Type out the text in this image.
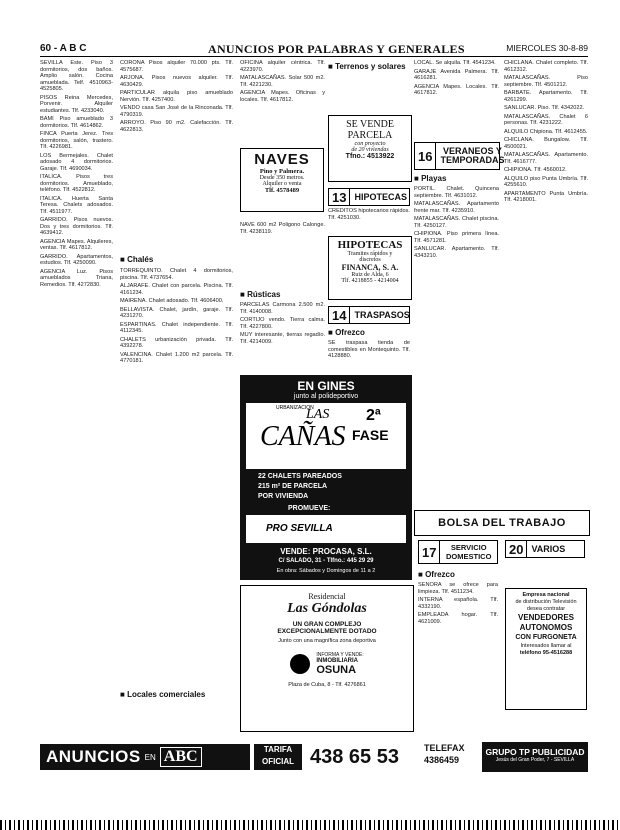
60 - A B C	ANUNCIOS POR PALABRAS Y GENERALES	MIERCOLES 30-8-89

SEVILLA Este. Piso 3 dormitorios, dos baños. Amplio salón. Cocina amueblada. Telf. 4510963-4525805.

PISOS Reina Mercedes, Porvenir. Alquiler estudiantes. Tlf. 4233040.

BAMI Piso amueblado 3 dormitorios. Tlf. 4614862.

FINCA Puerta Jerez. Tres dormitorios, salón, trastero. Tlf. 4226981.

LOS Bermejales. Chalet adosado 4 dormitorios. Garaje. Tlf. 4690034.

ITALICA. Pisos tres dormitorios. Amueblado, teléfono. Tlf. 4522812.

ITALICA. Huerta Santa Teresa. Chalets adosados. Tlf. 4511977.

GARRIDO. Pisos nuevos. Dos y tres dormitorios. Tlf. 4639412.

AGENCIA Mapes. Alquileres, ventas. Tlf. 4617812.

GARRIDO. Apartamentos, estudios. Tlf. 4250090.

AGENCIA Luz. Pisos amueblados Triana, Remedios. Tlf. 4272830.

CORONA Pisos alquiler 70.000 pts. Tlf. 4575687.

ARJONA. Pisos nuevos alquiler. Tlf. 4630429.

PARTICULAR alquila piso amueblado Nervión. Tlf. 4257400.

VENDO casa San José de la Rinconada. Tlf. 4790319.

ARROYO. Piso 90 m2. Calefacción. Tlf. 4622813.

■ Chalés

TORREQUINTO. Chalet 4 dormitorios, piscina. Tlf. 4737654.

ALJARAFE. Chalet con parcela. Piscina. Tlf. 4161234.

MAIRENA. Chalet adosado. Tlf. 4606400.

BELLAVISTA. Chalet, jardín, garaje. Tlf. 4231270.

ESPARTINAS. Chalet independiente. Tlf. 4112345.

CHALETS urbanización privada. Tlf. 4392278.

VALENCINA. Chalet 1.200 m2 parcela. Tlf. 4770181.

■ Locales comerciales

OFICINA alquiler céntrica. Tlf. 4223970.

MATALASCAÑAS. Solar 500 m2. Tlf. 4221230.

AGENCIA Mapes. Oficinas y locales. Tlf. 4617812.

NAVES
Pino y Palmera.
Desde 350 metros.
Alquiler o venta
Tlf. 4578489

NAVE 600 m2 Poligono Calonge. Tlf. 4238119.

■ Rústicas

PARCELAS Carmona 2.500 m2. Tlf. 4140008.

CORTIJO vendo. Tierra calma. Tlf. 4227800.

MUY interesante, tierras regadío. Tlf. 4214009.

■ Terrenos y solares
SE VENDE
PARCELA
con proyecto
de 20 viviendas
Tfno.: 4513922
13 HIPOTECAS

CREDITOS hipotecarios rápidos. Tlf. 4251030.

HIPOTECAS
Tramites rápidos y
discretos
FINANCA, S. A.
Ruiz de Alda, 6
Tlf. 4218855 - 4214004
14 TRASPASOS
■ Ofrezco

SE traspasa tienda de comestibles en Montequinto. Tlf. 4128880.

LOCAL. Se alquila. Tlf. 4541234.

GARAJE Avenida Palmera. Tlf. 4616281.

AGENCIA Mapes. Locales. Tlf. 4617812.

16	VERANEOS Y TEMPORADAS
■ Playas

PORTIL. Chalet. Quincena septiembre. Tlf. 4631012.

MATALASCAÑAS. Apartamento frente mar. Tlf. 4235910.

MATALASCAÑAS. Chalet piscina. Tlf. 4250127.

CHIPIONA. Piso primera línea. Tlf. 4571281.

SANLUCAR. Apartamento. Tlf. 4343210.

CHICLANA. Chalet completo. Tlf. 4612312.

MATALASCAÑAS. Piso septiembre. Tlf. 4501212.

BARBATE. Apartamento. Tlf. 4261299.

SANLUCAR. Piso. Tlf. 4342022.

MATALASCAÑAS. Chalet 6 personas. Tlf. 4231222.

ALQUILO Chipiona. Tlf. 4612455.

CHICLANA. Bungalow. Tlf. 4500021.

MATALASCAÑAS. Apartamento. Tlf. 4616777.

CHIPIONA. Tlf. 4560012.

ALQUILO piso Punta Umbría. Tlf. 4255610.

APARTAMENTO Punta Umbría. Tlf. 4218001.

BOLSA DEL TRABAJO
17	SERVICIO DOMESTICO	20 VARIOS
■ Ofrezco

SEÑORA se ofrece para limpieza. Tlf. 4511234.

INTERNA española. Tlf. 4332190.

EMPLEADA hogar. Tlf. 4621009.

Empresa nacional
de distribución Televisión
desea contratar
VENDEDORES
AUTONOMOS
CON FURGONETA
Interesados llamar al
teléfono 95-4516288
EN GINES
junto al polideportivo
URBANIZACION
LAS
CAÑAS
2ª
FASE
22 CHALETS PAREADOS
215 m² DE PARCELA
POR VIVIENDA
PROMUEVE:
PRO SEVILLA
VENDE: PROCASA, S.L.
C/ SALADO, 31 - Tlfno.: 445 29 29
En obra: Sábados y Domingos de 11 a 2
Residencial
Las Góndolas
UN GRAN COMPLEJO
EXCEPCIONALMENTE DOTADO
Junto con una magnífica zona deportiva
INFORMA Y VENDE:
INMOBILIARIA
OSUNA
Plaza de Cuba, 8 - Tlf. 4276861
ANUNCIOS EN ABC	TARIFA
OFICIAL 438 65 53	TELEFAX
4386459
GRUPO TP PUBLICIDAD
Jesús del Gran Poder, 7 - SEVILLA
